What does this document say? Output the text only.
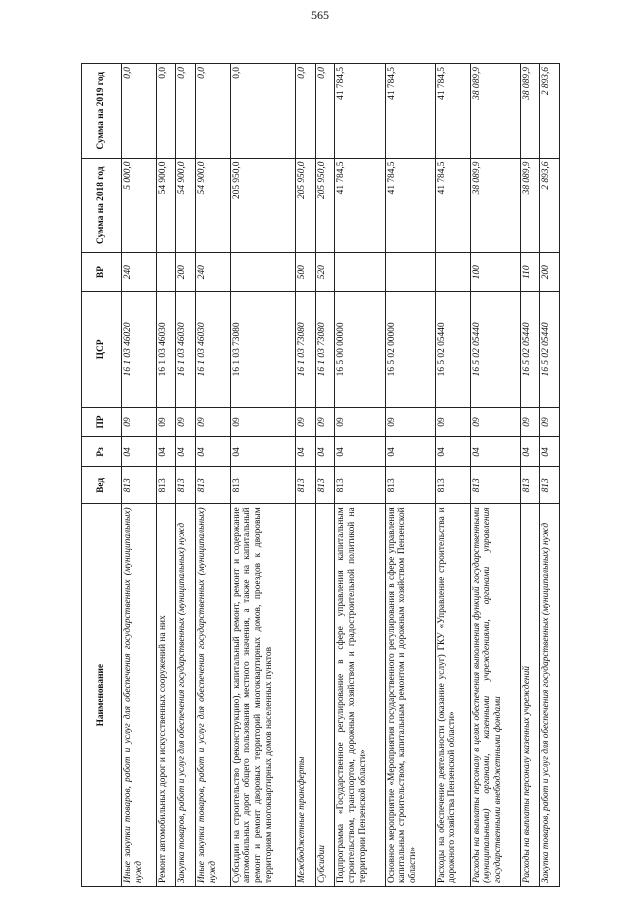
565
Наименование	Вед	Рз	ПР	ЦСР	ВР	Сумма на 2018 год	Сумма на 2019 год
Иные закупки товаров, работ и услуг для обеспечения государственных (муниципальных) нужд	813	04	09	16 1 03 46020	240	5 000,0	0,0
Ремонт автомобильных дорог и искусственных сооружений на них	813	04	09	16 1 03 46030		54 900,0	0,0
Закупка товаров, работ и услуг для обеспечения государственных (муниципальных) нужд	813	04	09	16 1 03 46030	200	54 900,0	0,0
Иные закупки товаров, работ и услуг для обеспечения государственных (муниципальных) нужд	813	04	09	16 1 03 46030	240	54 900,0	0,0
Субсидии на строительство (реконструкцию), капитальный ремонт, ремонт и содержание автомобильных дорог общего пользования местного значения, а также на капитальный ремонт и ремонт дворовых территорий многоквартирных домов, проездов к дворовым территориям многоквартирных домов населенных пунктов	813	04	09	16 1 03 73080		205 950,0	0,0
Межбюджетные трансферты	813	04	09	16 1 03 73080	500	205 950,0	0,0
Субсидии	813	04	09	16 1 03 73080	520	205 950,0	0,0
Подпрограмма «Государственное регулирование в сфере управления капитальным строительством, транспортом, дорожным хозяйством и градостроительной политикой на территории Пензенской области»	813	04	09	16 5 00 00000		41 784,5	41 784,5
Основное мероприятие «Мероприятия государственного регулирования в сфере управления капитальным строительством, капитальным ремонтом и дорожным хозяйством Пензенской области»	813	04	09	16 5 02 00000		41 784,5	41 784,5
Расходы на обеспечение деятельности (оказание услуг) ГКУ «Управление строительства и дорожного хозяйства Пензенской области»	813	04	09	16 5 02 05440		41 784,5	41 784,5
Расходы на выплаты персоналу в целях обеспечения выполнения функций государственными (муниципальными) органами, казенными учреждениями, органами управления государственными внебюджетными фондами	813	04	09	16 5 02 05440	100	38 089,9	38 089,9
Расходы на выплаты персоналу казенных учреждений	813	04	09	16 5 02 05440	110	38 089,9	38 089,9
Закупка товаров, работ и услуг для обеспечения государственных (муниципальных) нужд	813	04	09	16 5 02 05440	200	2 893,6	2 893,6
